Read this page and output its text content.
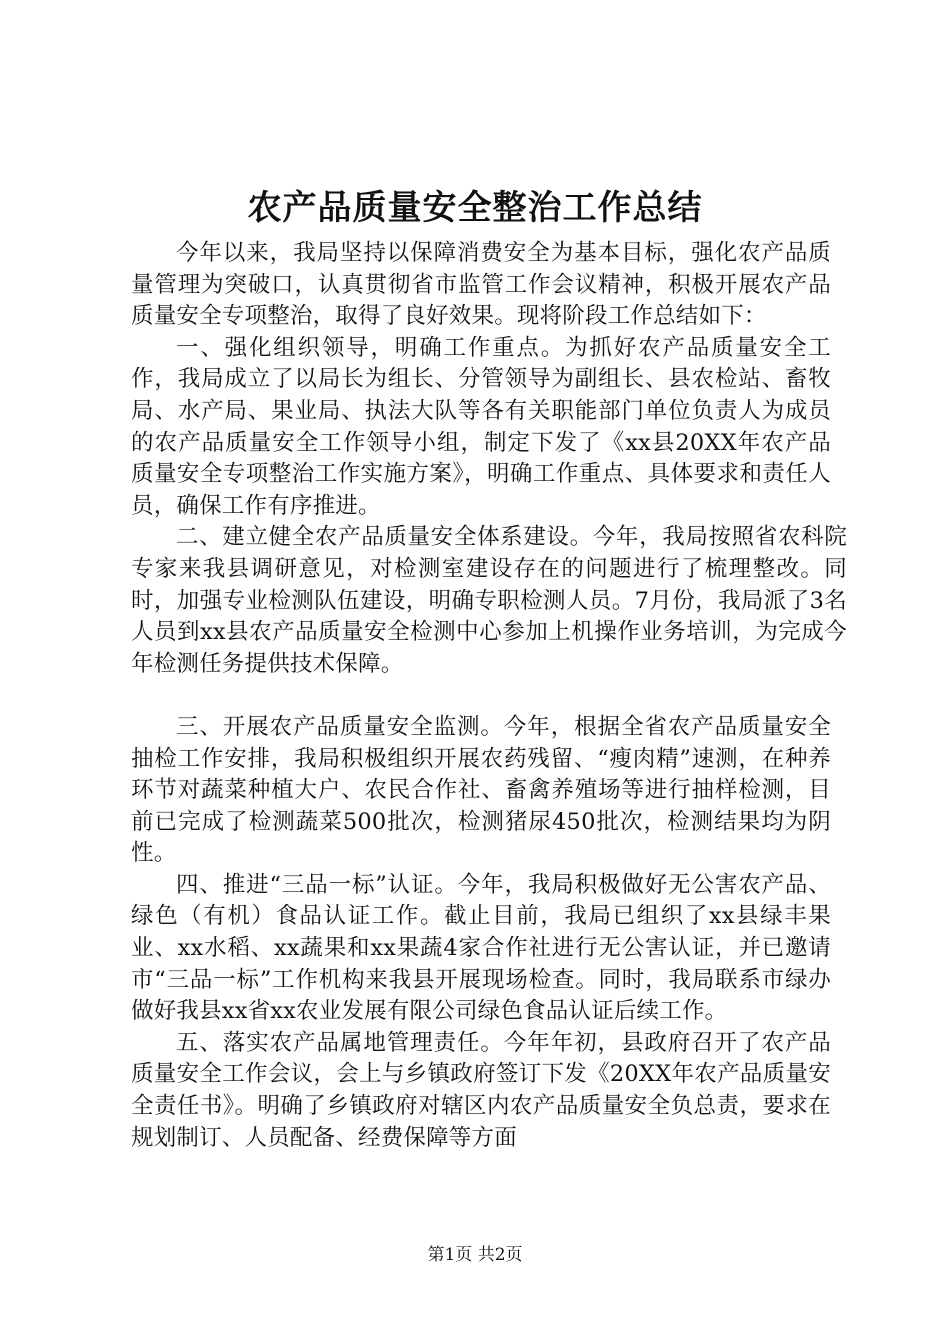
农产品质量安全整治工作总结

今年以来，我局坚持以保障消费安全为基本目标，强化农产品质量管理为突破口，认真贯彻省市监管工作会议精神，积极开展农产品质量安全专项整治，取得了良好效果。现将阶段工作总结如下：

一、强化组织领导，明确工作重点。为抓好农产品质量安全工作，我局成立了以局长为组长、分管领导为副组长、县农检站、畜牧局、水产局、果业局、执法大队等各有关职能部门单位负责人为成员的农产品质量安全工作领导小组，制定下发了《xx县20XX年农产品质量安全专项整治工作实施方案》，明确工作重点、具体要求和责任人员，确保工作有序推进。

二、建立健全农产品质量安全体系建设。今年，我局按照省农科院专家来我县调研意见，对检测室建设存在的问题进行了梳理整改。同时，加强专业检测队伍建设，明确专职检测人员。7月份，我局派了3名人员到xx县农产品质量安全检测中心参加上机操作业务培训，为完成今年检测任务提供技术保障。

三、开展农产品质量安全监测。今年，根据全省农产品质量安全抽检工作安排，我局积极组织开展农药残留、“瘦肉精”速测，在种养环节对蔬菜种植大户、农民合作社、畜禽养殖场等进行抽样检测，目前已完成了检测蔬菜500批次，检测猪尿450批次，检测结果均为阴性。

四、推进“三品一标”认证。今年，我局积极做好无公害农产品、绿色（有机）食品认证工作。截止目前，我局已组织了xx县绿丰果业、xx水稻、xx蔬果和xx果蔬4家合作社进行无公害认证，并已邀请市“三品一标”工作机构来我县开展现场检查。同时，我局联系市绿办做好我县xx省xx农业发展有限公司绿色食品认证后续工作。

五、落实农产品属地管理责任。今年年初，县政府召开了农产品质量安全工作会议，会上与乡镇政府签订下发《20XX年农产品质量安全责任书》。明确了乡镇政府对辖区内农产品质量安全负总责，要求在规划制订、人员配备、经费保障等方面

第1页 共2页
